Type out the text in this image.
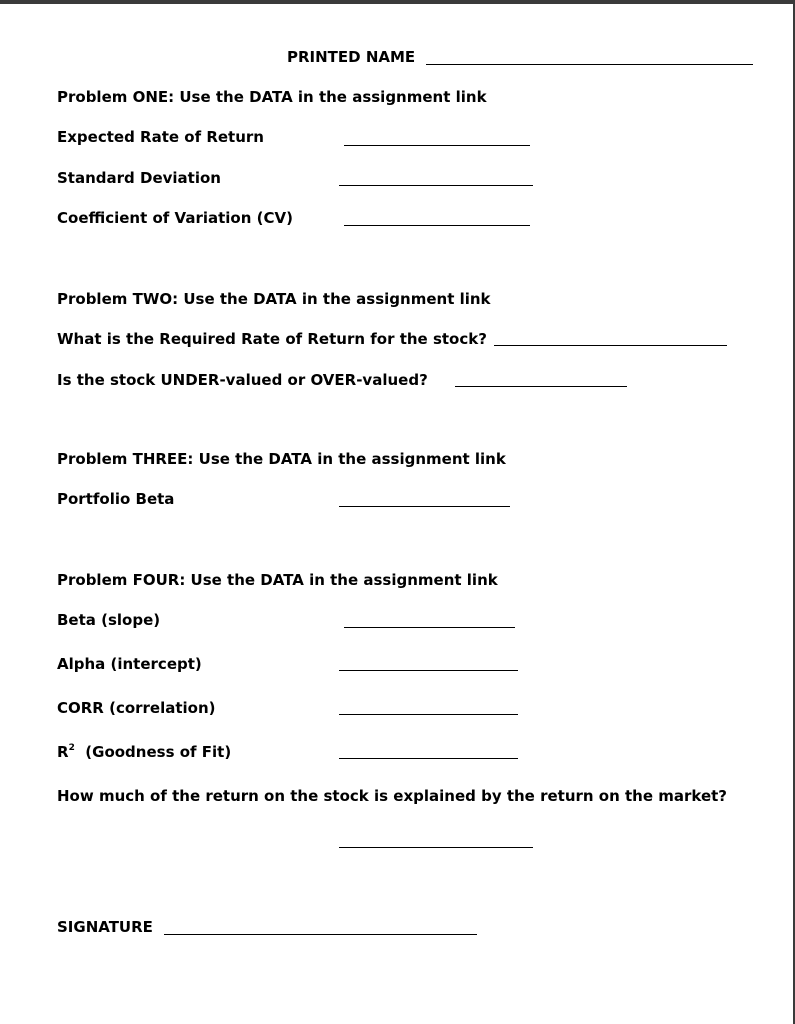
PRINTED NAME
Problem ONE: Use the DATA in the assignment link
Expected Rate of Return
Standard Deviation
Coefficient of Variation (CV)
Problem TWO: Use the DATA in the assignment link
What is the Required Rate of Return for the stock?
Is the stock UNDER-valued or OVER-valued?
Problem THREE: Use the DATA in the assignment link
Portfolio Beta
Problem FOUR: Use the DATA in the assignment link
Beta (slope)
Alpha (intercept)
CORR (correlation)
$R^2$  (Goodness of Fit)
How much of the return on the stock is explained by the return on the market?
SIGNATURE
